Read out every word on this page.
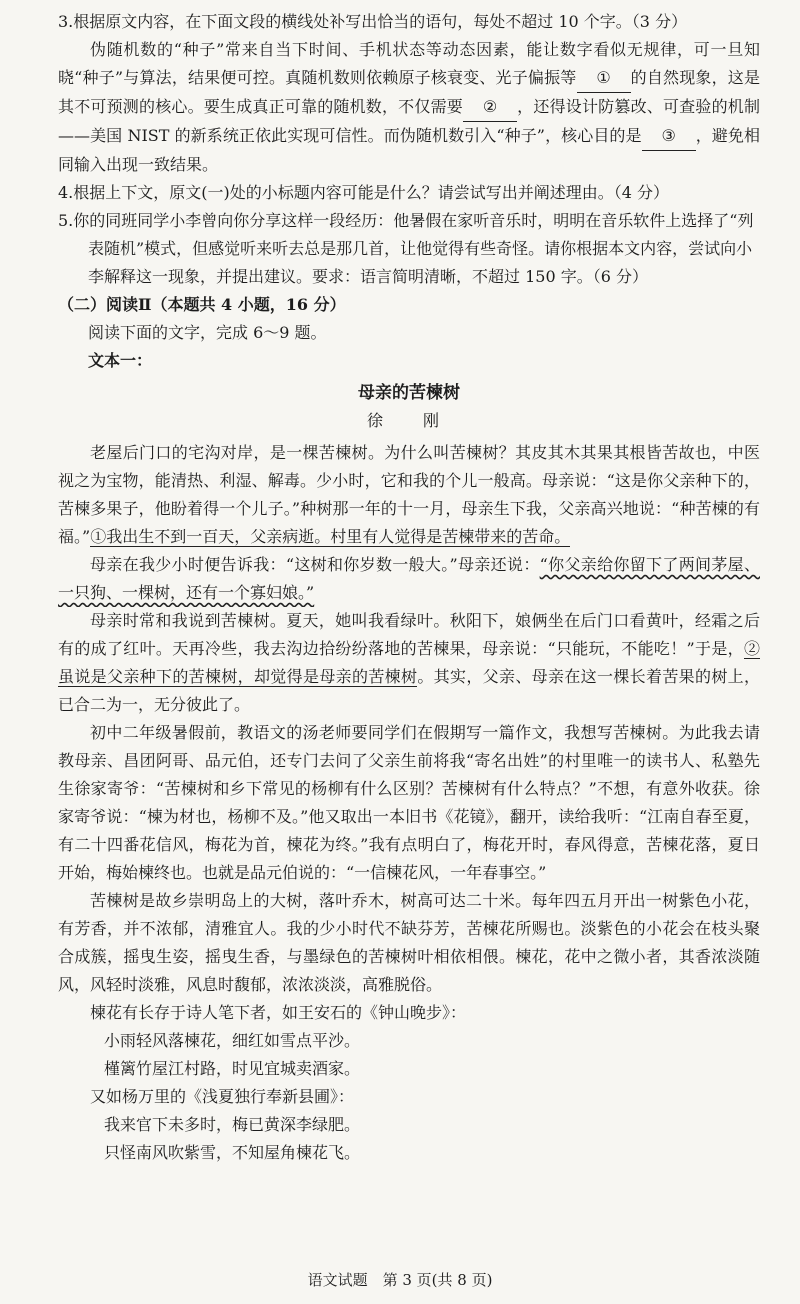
3.根据原文内容，在下面文段的横线处补写出恰当的语句，每处不超过 10 个字。（3 分）
伪随机数的“种子”常来自当下时间、手机状态等动态因素，能让数字看似无规律，可一旦知晓“种子”与算法，结果便可控。真随机数则依赖原子核衰变、光子偏振等 ① 的自然现象，这是其不可预测的核心。要生成真正可靠的随机数，不仅需要 ② ，还得设计防篡改、可查验的机制——美国 NIST 的新系统正依此实现可信性。而伪随机数引入“种子”，核心目的是 ③ ，避免相同输入出现一致结果。
4.根据上下文，原文(一)处的小标题内容可能是什么？请尝试写出并阐述理由。（4 分）
5.你的同班同学小李曾向你分享这样一段经历：他暑假在家听音乐时，明明在音乐软件上选择了“列表随机”模式，但感觉听来听去总是那几首，让他觉得有些奇怪。请你根据本文内容，尝试向小李解释这一现象，并提出建议。要求：语言简明清晰，不超过 150 字。（6 分）
（二）阅读Ⅱ（本题共 4 小题，16 分）
阅读下面的文字，完成 6～9 题。
文本一：
母亲的苦楝树
徐　刚
老屋后门口的宅沟对岸，是一棵苦楝树。为什么叫苦楝树？其皮其木其果其根皆苦故也，中医视之为宝物，能清热、利湿、解毒。少小时，它和我的个儿一般高。母亲说：“这是你父亲种下的，苦楝多果子，他盼着得一个儿子。”种树那一年的十一月，母亲生下我，父亲高兴地说：“种苦楝的有福。”①我出生不到一百天，父亲病逝。村里有人觉得是苦楝带来的苦命。
母亲在我少小时便告诉我：“这树和你岁数一般大。”母亲还说：“你父亲给你留下了两间茅屋、一只狗、一棵树，还有一个寡妇娘。”
母亲时常和我说到苦楝树。夏天，她叫我看绿叶。秋阳下，娘俩坐在后门口看黄叶，经霜之后有的成了红叶。天再冷些，我去沟边拾纷纷落地的苦楝果，母亲说：“只能玩，不能吃！”于是，②虽说是父亲种下的苦楝树，却觉得是母亲的苦楝树。其实，父亲、母亲在这一棵长着苦果的树上，已合二为一，无分彼此了。
初中二年级暑假前，教语文的汤老师要同学们在假期写一篇作文，我想写苦楝树。为此我去请教母亲、昌团阿哥、品元伯，还专门去问了父亲生前将我“寄名出姓”的村里唯一的读书人、私塾先生徐家寄爷：“苦楝树和乡下常见的杨柳有什么区别？苦楝树有什么特点？”不想，有意外收获。徐家寄爷说：“楝为材也，杨柳不及。”他又取出一本旧书《花镜》，翻开，读给我听：“江南自春至夏，有二十四番花信风，梅花为首，楝花为终。”我有点明白了，梅花开时，春风得意，苦楝花落，夏日开始，梅始楝终也。也就是品元伯说的：“一信楝花风，一年春事空。”
苦楝树是故乡崇明岛上的大树，落叶乔木，树高可达二十米。每年四五月开出一树紫色小花，有芳香，并不浓郁，清雅宜人。我的少小时代不缺芬芳，苦楝花所赐也。淡紫色的小花会在枝头聚合成簇，摇曳生姿，摇曳生香，与墨绿色的苦楝树叶相依相偎。楝花，花中之微小者，其香浓淡随风，风轻时淡雅，风息时馥郁，浓浓淡淡，高雅脱俗。
楝花有长存于诗人笔下者，如王安石的《钟山晚步》：
小雨轻风落楝花，细红如雪点平沙。
槿篱竹屋江村路，时见宜城卖酒家。
又如杨万里的《浅夏独行奉新县圃》：
我来官下未多时，梅已黄深李绿肥。
只怪南风吹紫雪，不知屋角楝花飞。
语文试题　第 3 页(共 8 页)
